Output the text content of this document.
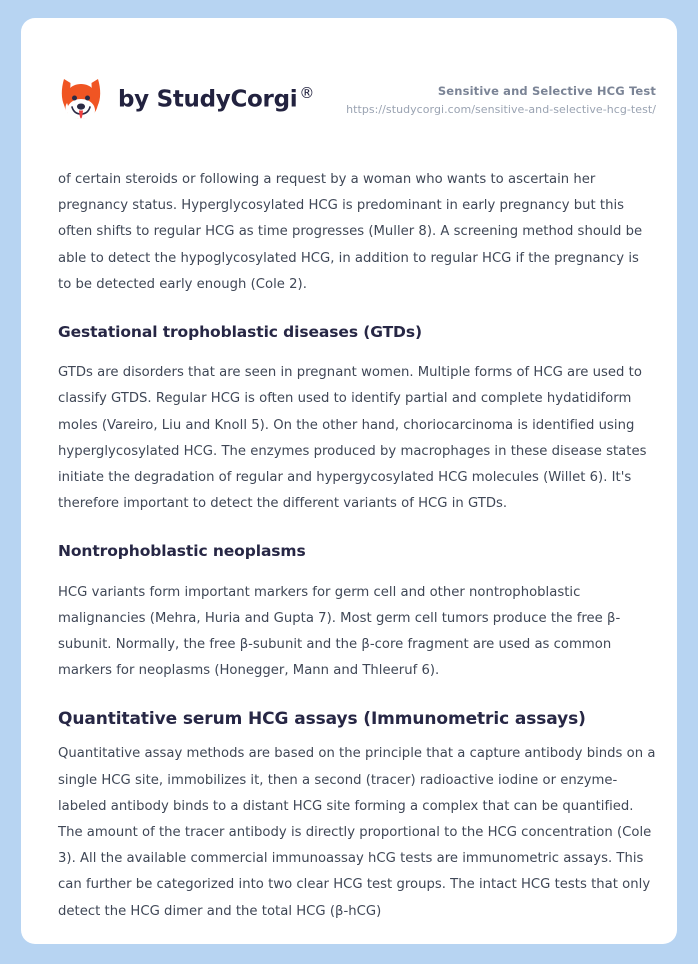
by StudyCorgi ®	Sensitive and Selective HCG Test
https://studycorgi.com/sensitive-and-selective-hcg-test/

of certain steroids or following a request by a woman who wants to ascertain her pregnancy status. Hyperglycosylated HCG is predominant in early pregnancy but this often shifts to regular HCG as time progresses (Muller 8). A screening method should be able to detect the hypoglycosylated HCG, in addition to regular HCG if the pregnancy is to be detected early enough (Cole 2).

Gestational trophoblastic diseases (GTDs)

GTDs are disorders that are seen in pregnant women. Multiple forms of HCG are used to classify GTDS. Regular HCG is often used to identify partial and complete hydatidiform moles (Vareiro, Liu and Knoll 5). On the other hand, choriocarcinoma is identified using hyperglycosylated HCG. The enzymes produced by macrophages in these disease states initiate the degradation of regular and hypergycosylated HCG molecules (Willet 6). It's therefore important to detect the different variants of HCG in GTDs.

Nontrophoblastic neoplasms

HCG variants form important markers for germ cell and other nontrophoblastic malignancies (Mehra, Huria and Gupta 7). Most germ cell tumors produce the free β-subunit. Normally, the free β-subunit and the β-core fragment are used as common markers for neoplasms (Honegger, Mann and Thleeruf 6).

Quantitative serum HCG assays (Immunometric assays)

Quantitative assay methods are based on the principle that a capture antibody binds on a single HCG site, immobilizes it, then a second (tracer) radioactive iodine or enzyme-labeled antibody binds to a distant HCG site forming a complex that can be quantified. The amount of the tracer antibody is directly proportional to the HCG concentration (Cole 3). All the available commercial immunoassay hCG tests are immunometric assays. This can further be categorized into two clear HCG test groups. The intact HCG tests that only detect the HCG dimer and the total HCG (β-hCG)
